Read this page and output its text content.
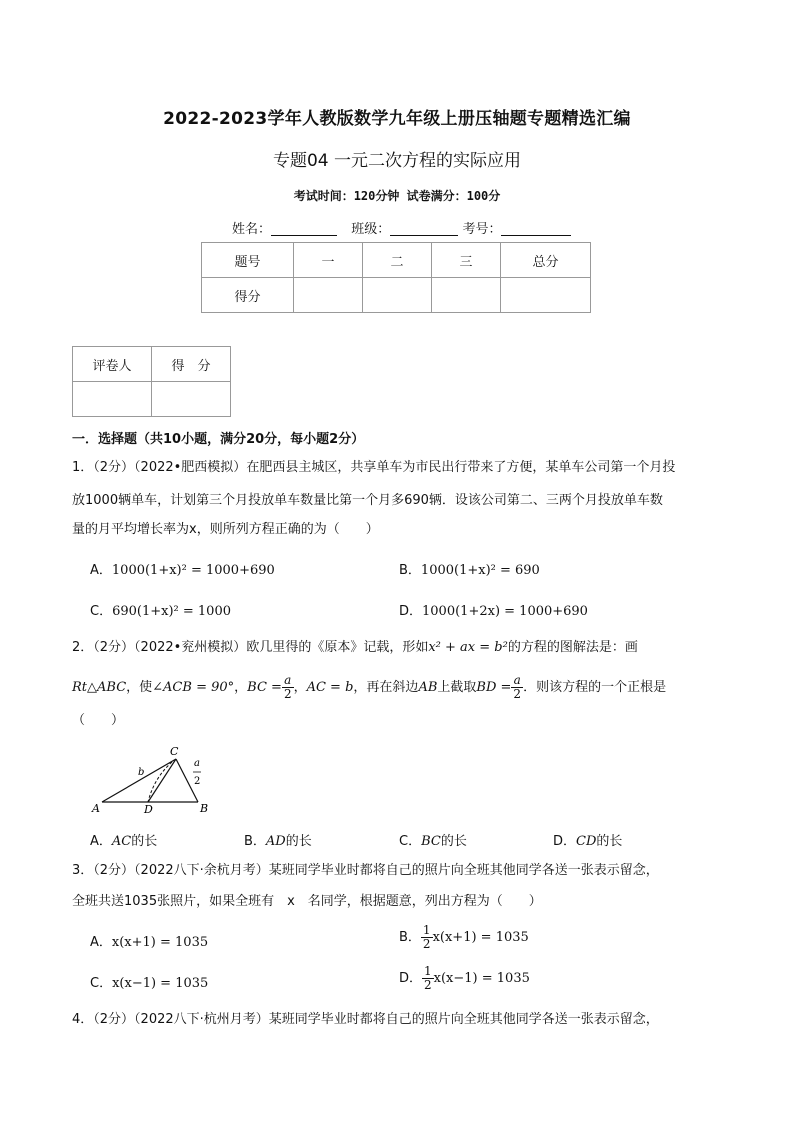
2022-2023学年人教版数学九年级上册压轴题专题精选汇编
专题04 一元二次方程的实际应用
考试时间：120分钟 试卷满分：100分
姓名：	班级：	考号：
题号	一	二	三	总分
得分				
评卷人	得　分

一．选择题（共10小题，满分20分，每小题2分）
1．（2分）（2022•肥西模拟）在肥西县主城区，共享单车为市民出行带来了方便，某单车公司第一个月投
放1000辆单车，计划第三个月投放单车数量比第一个月多690辆．设该公司第二、三两个月投放单车数
量的月平均增长率为x，则所列方程正确的为（　　）
A．1000(1+x)² = 1000+690	B．1000(1+x)² = 690
C．690(1+x)² = 1000	D．1000(1+2x) = 1000+690
2．（2分）（2022•兖州模拟）欧几里得的《原本》记载，形如x² + ax = b²的方程的图解法是：画
Rt△ABC，使∠ACB = 90°，BC = $\frac{a}{2}$ ，AC = b，再在斜边AB上截取BD = $\frac{a}{2}$ ．则该方程的一个正根是
（　　）
A	B
C
D
b
a
2
A．AC的长	B．AD的长	C．BC的长	D．CD的长
3．（2分）（2022八下·余杭月考）某班同学毕业时都将自己的照片向全班其他同学各送一张表示留念，
全班共送1035张照片，如果全班有　x　名同学，根据题意，列出方程为（　　）
A．x(x+1) = 1035	B． $\frac{1}{2} x(x+1) = 1035$
C．x(x−1) = 1035	D． $\frac{1}{2} x(x-1) = 1035$
4．（2分）（2022八下·杭州月考）某班同学毕业时都将自己的照片向全班其他同学各送一张表示留念，
